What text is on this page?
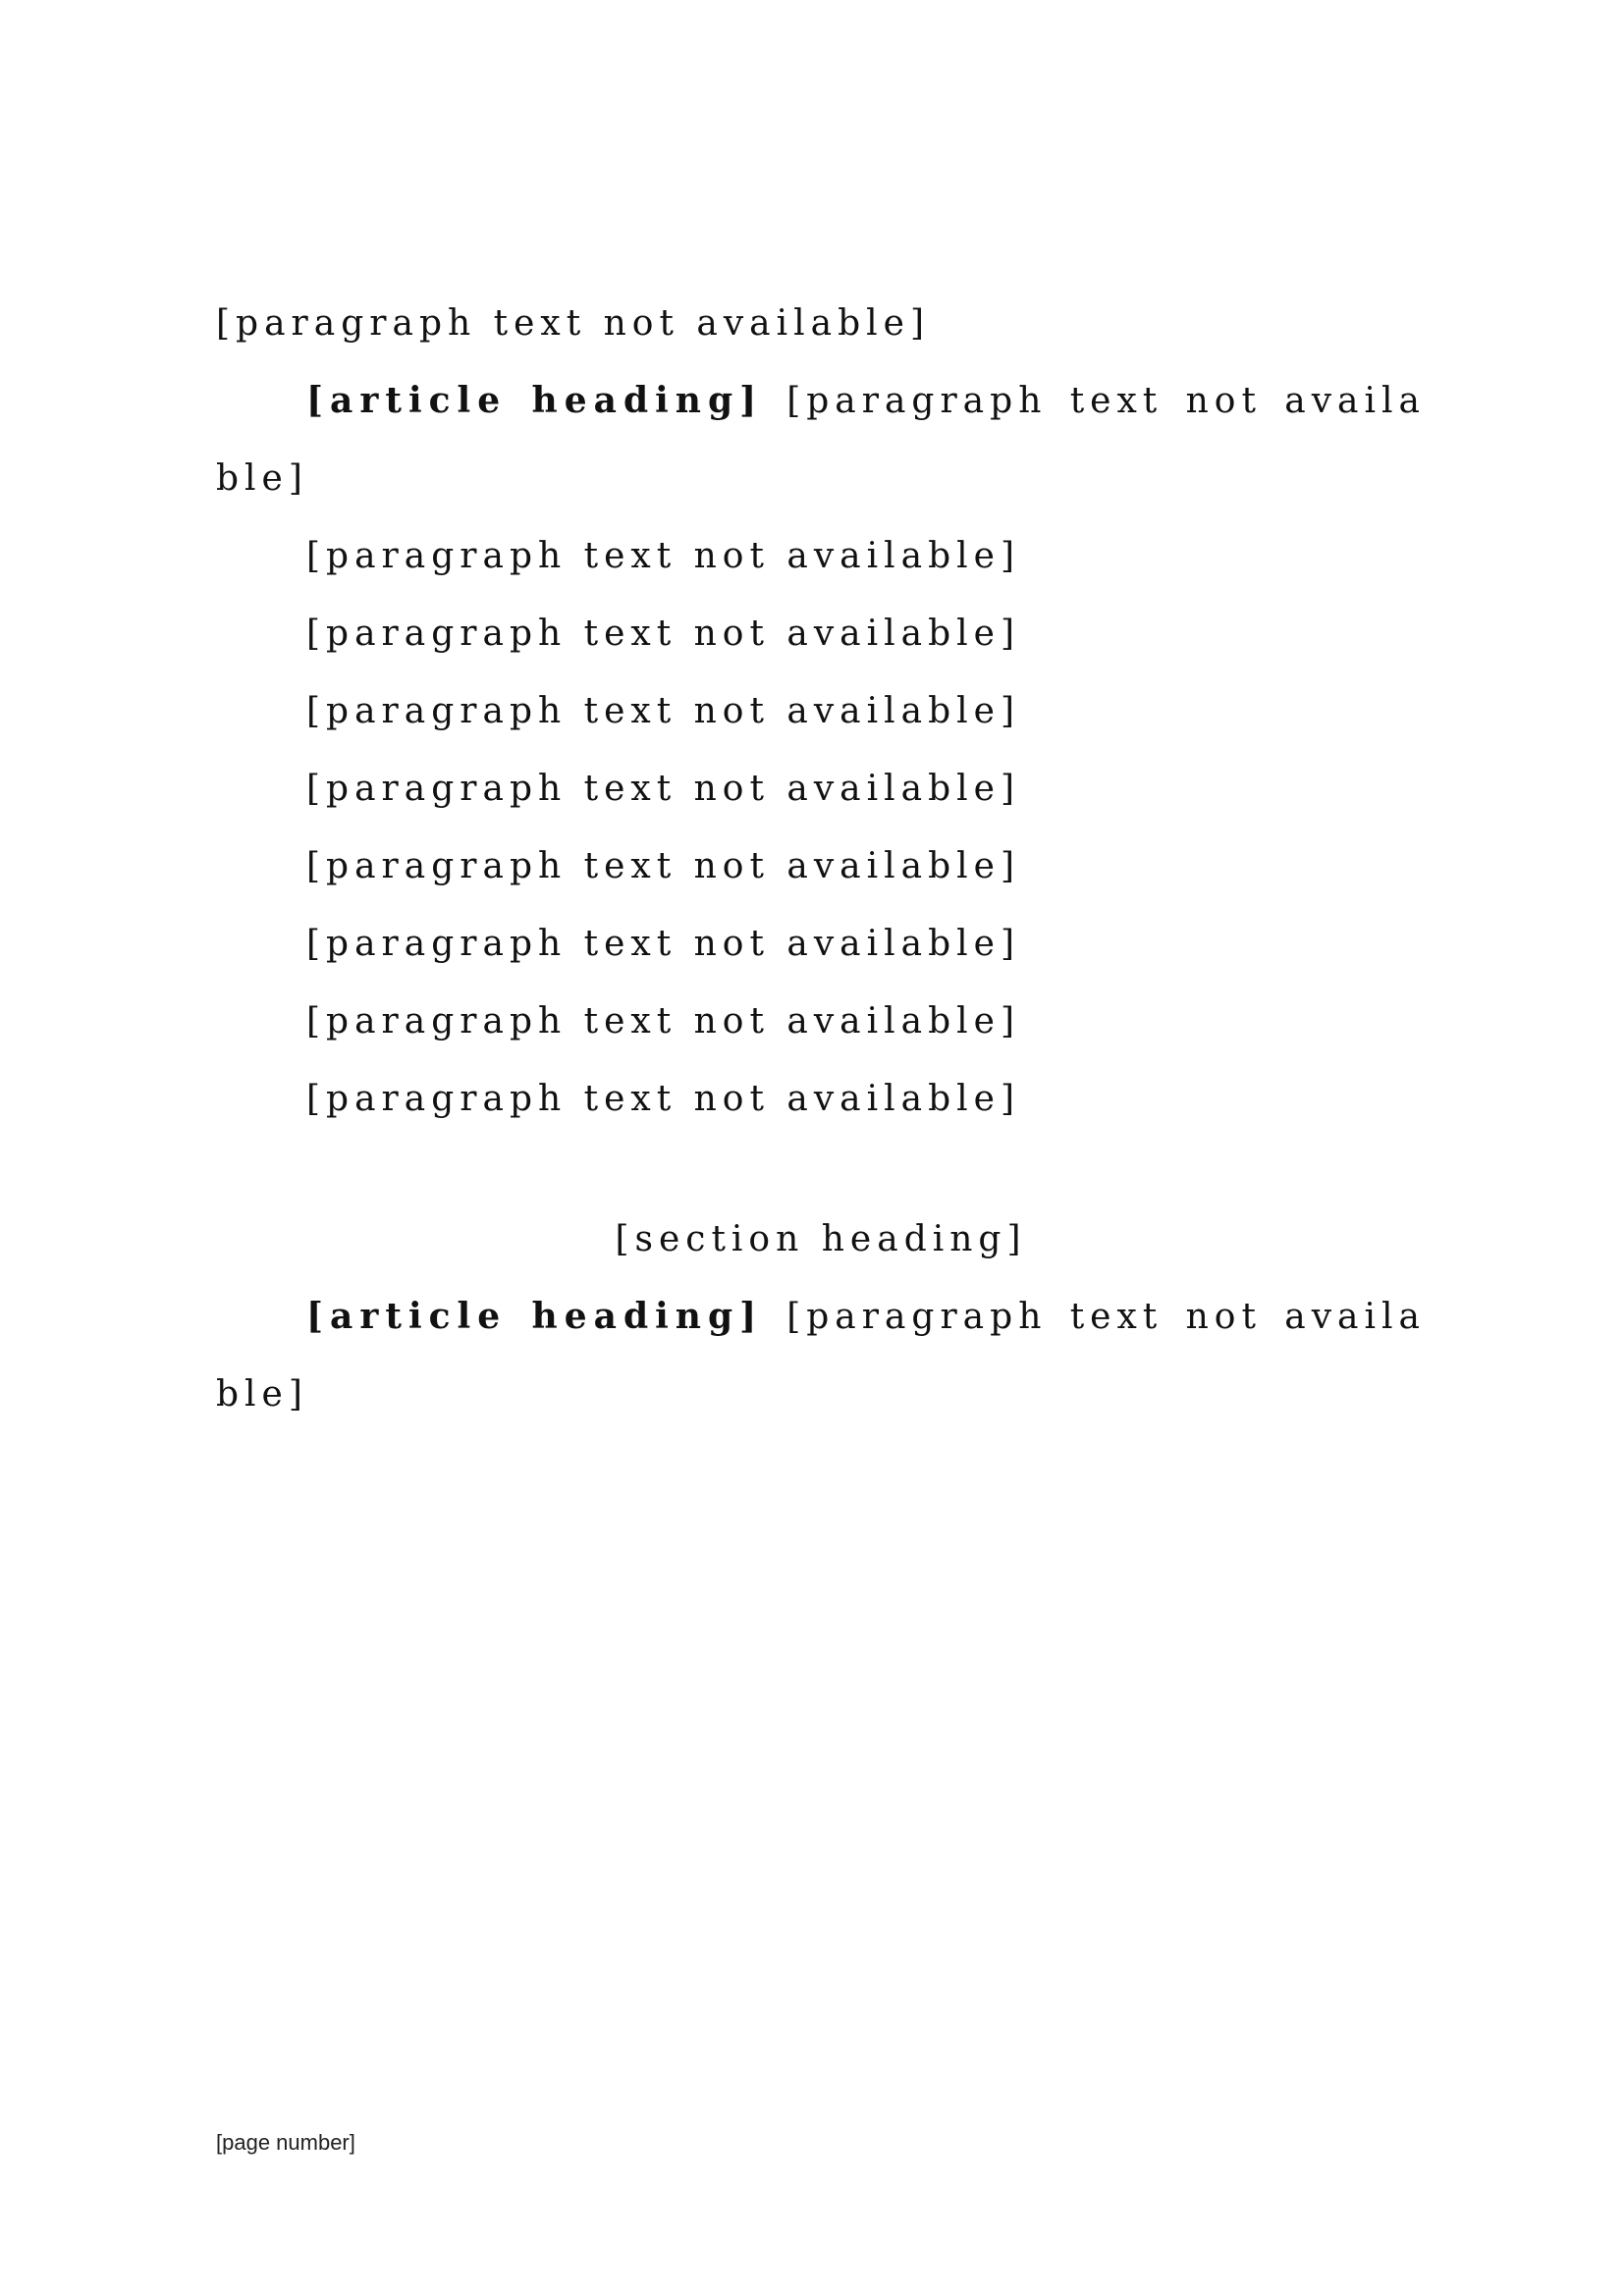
[paragraph text not available]

[article heading]  [paragraph text not available]

[paragraph text not available]

[paragraph text not available]

[paragraph text not available]

[paragraph text not available]

[paragraph text not available]

[paragraph text not available]

[paragraph text not available]

[paragraph text not available]

[section heading]

[article heading]  [paragraph text not available]

[page number]
